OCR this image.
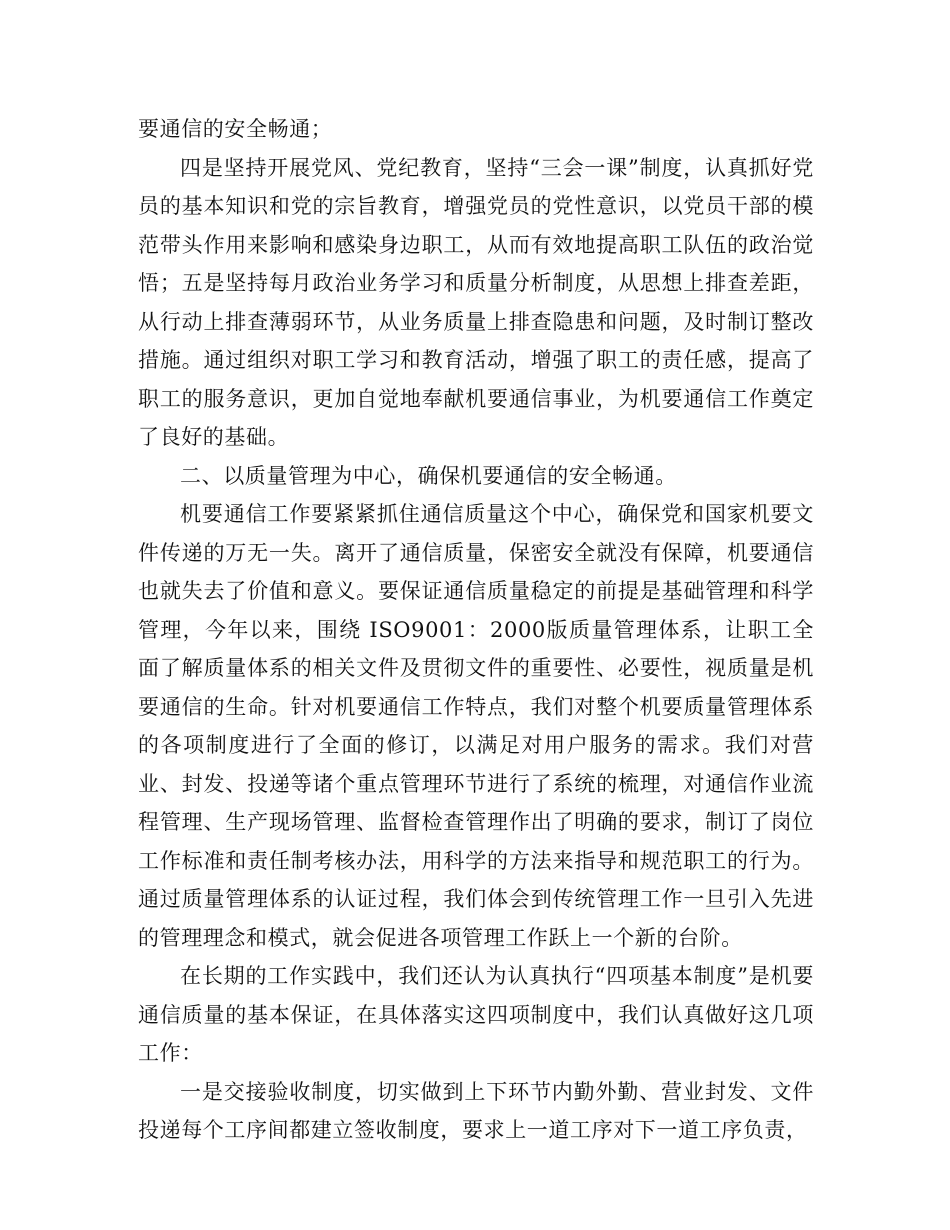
要通信的安全畅通；

四是坚持开展党风、党纪教育，坚持“三会一课”制度，认真抓好党员的基本知识和党的宗旨教育，增强党员的党性意识，以党员干部的模范带头作用来影响和感染身边职工，从而有效地提高职工队伍的政治觉悟；五是坚持每月政治业务学习和质量分析制度，从思想上排查差距，从行动上排查薄弱环节，从业务质量上排查隐患和问题，及时制订整改措施。通过组织对职工学习和教育活动，增强了职工的责任感，提高了职工的服务意识，更加自觉地奉献机要通信事业，为机要通信工作奠定了良好的基础。

二、以质量管理为中心，确保机要通信的安全畅通。

机要通信工作要紧紧抓住通信质量这个中心，确保党和国家机要文件传递的万无一失。离开了通信质量，保密安全就没有保障，机要通信也就失去了价值和意义。要保证通信质量稳定的前提是基础管理和科学管理，今年以来，围绕 ISO9001：2000版质量管理体系，让职工全面了解质量体系的相关文件及贯彻文件的重要性、必要性，视质量是机要通信的生命。针对机要通信工作特点，我们对整个机要质量管理体系的各项制度进行了全面的修订，以满足对用户服务的需求。我们对营业、封发、投递等诸个重点管理环节进行了系统的梳理，对通信作业流程管理、生产现场管理、监督检查管理作出了明确的要求，制订了岗位工作标准和责任制考核办法，用科学的方法来指导和规范职工的行为。通过质量管理体系的认证过程，我们体会到传统管理工作一旦引入先进的管理理念和模式，就会促进各项管理工作跃上一个新的台阶。

在长期的工作实践中，我们还认为认真执行“四项基本制度”是机要通信质量的基本保证，在具体落实这四项制度中，我们认真做好这几项工作：

一是交接验收制度，切实做到上下环节内勤外勤、营业封发、文件投递每个工序间都建立签收制度，要求上一道工序对下一道工序负责，
